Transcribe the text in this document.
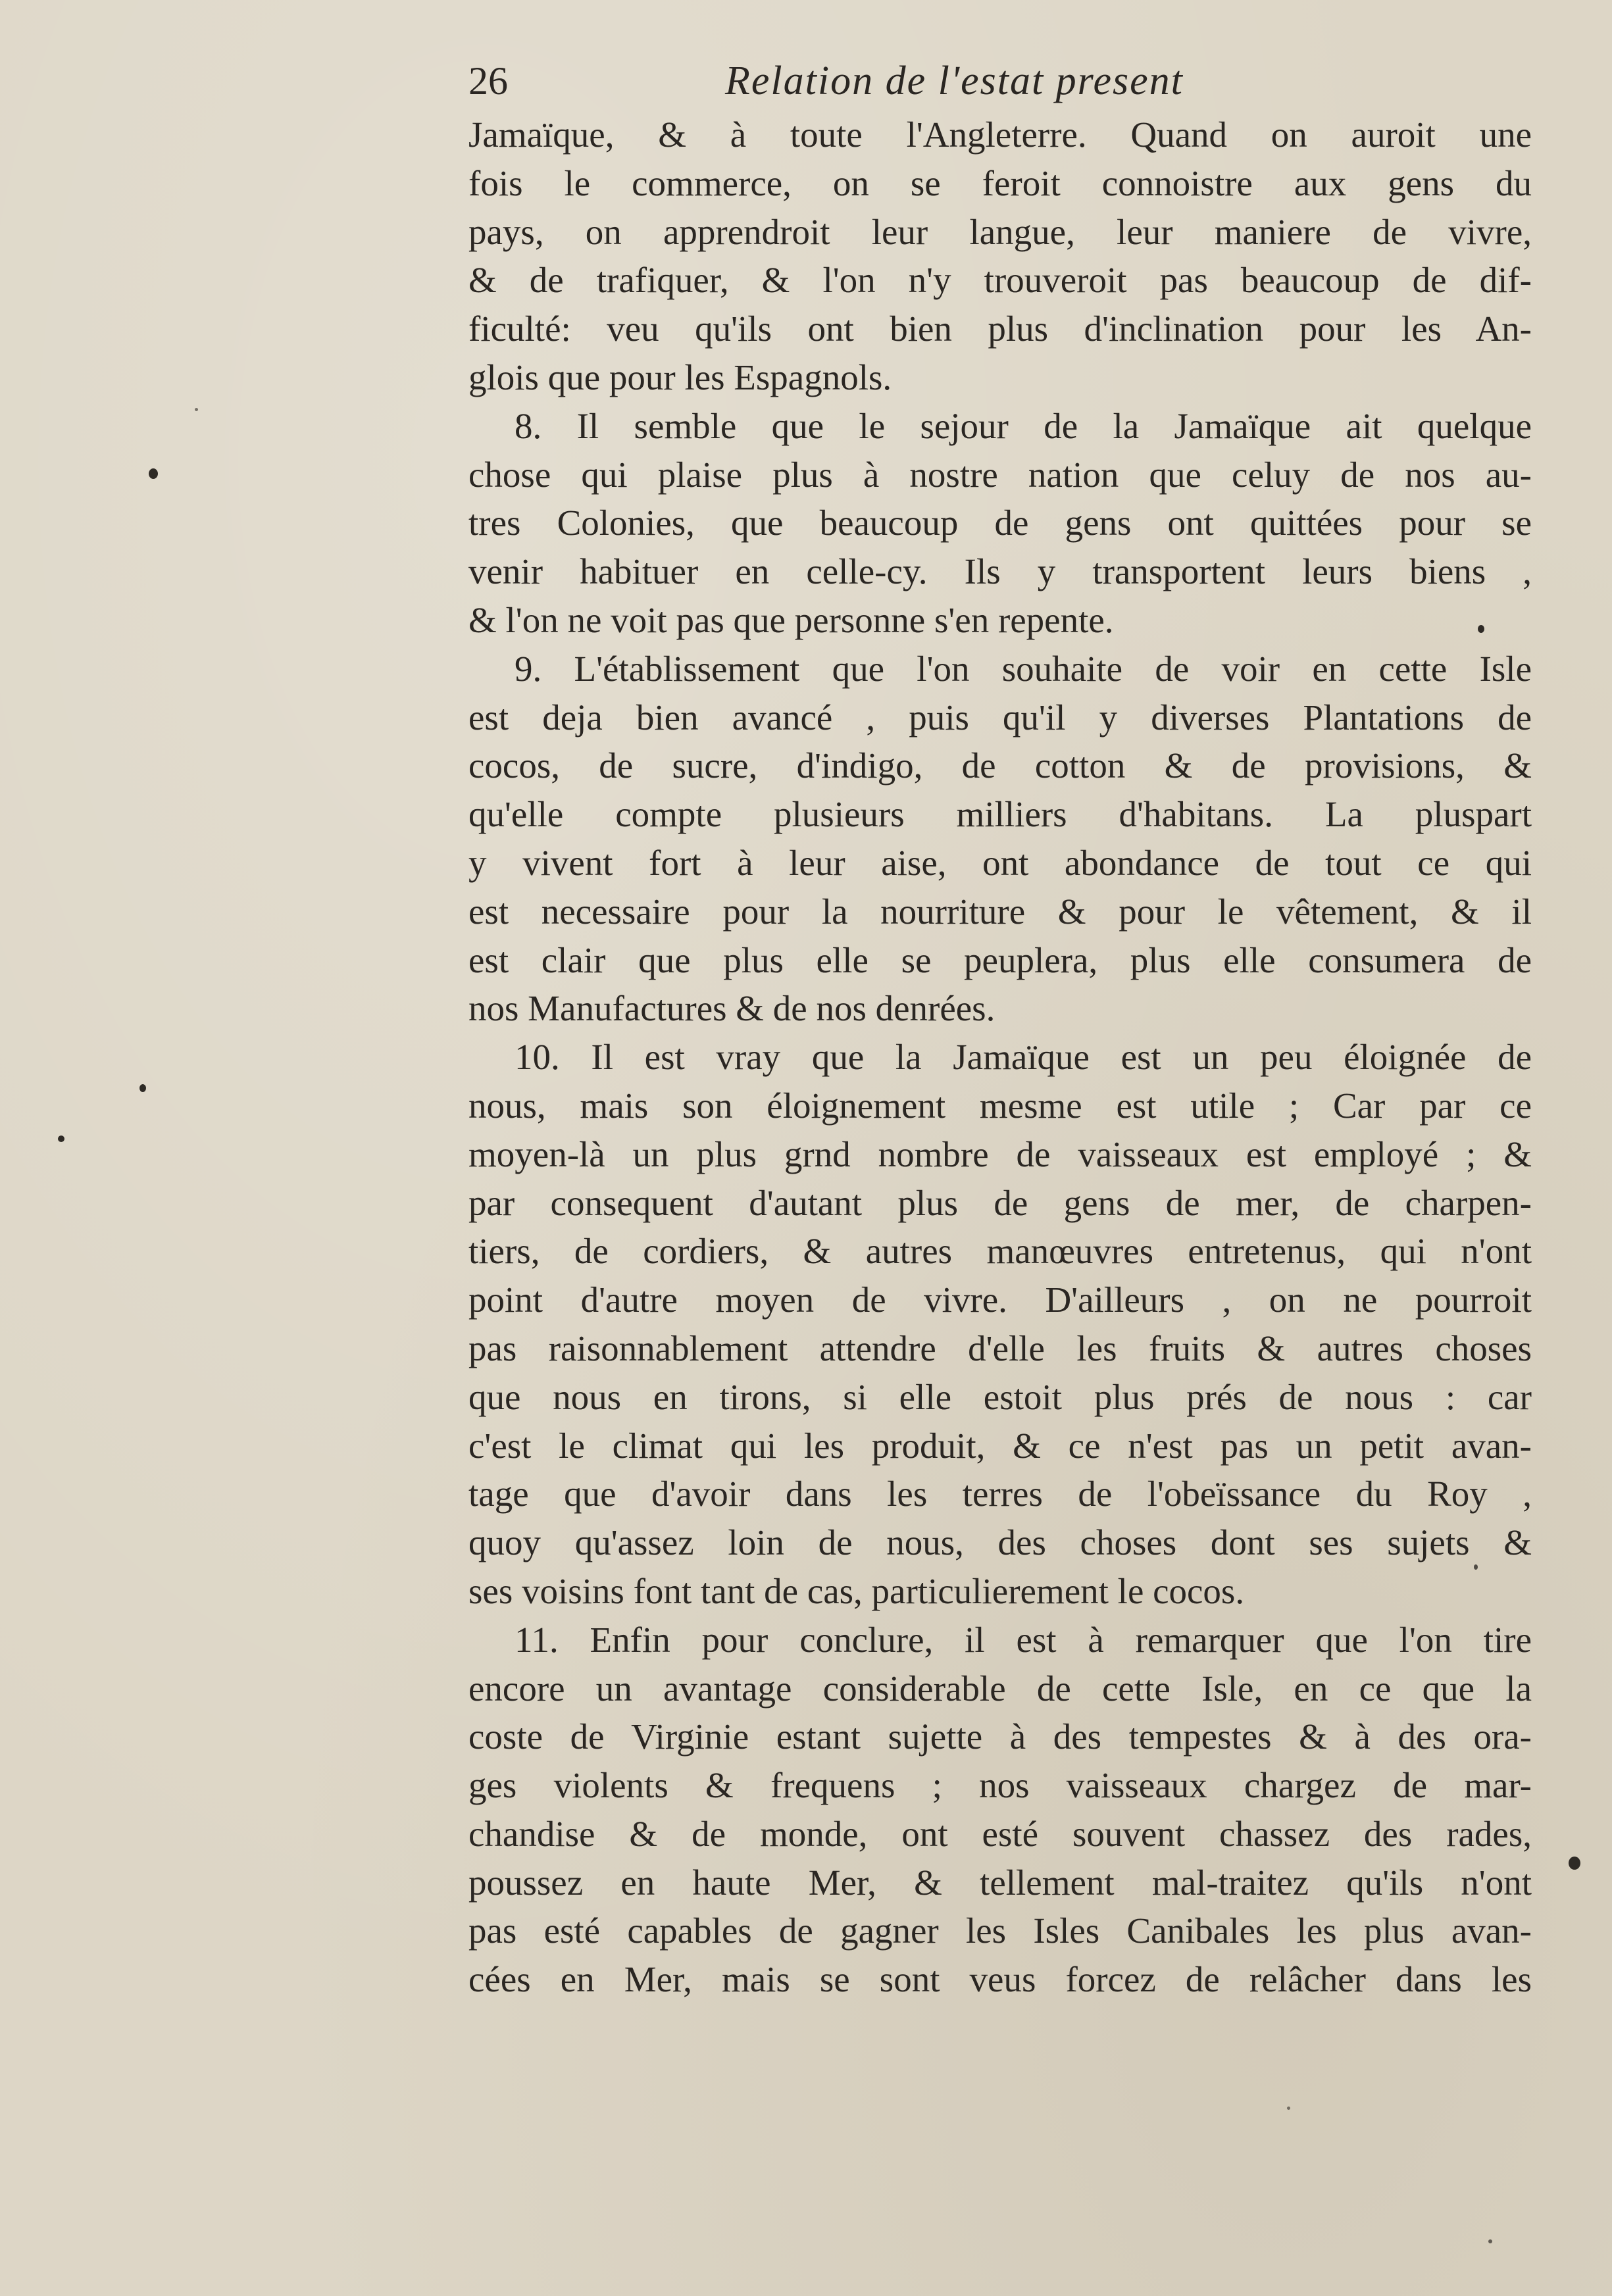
26	Relation de l'estat present
Jamaïque, & à toute l'Angleterre. Quand on auroit une
fois le commerce, on se feroit connoistre aux gens du
pays, on apprendroit leur langue, leur maniere de vivre,
& de trafiquer, & l'on n'y trouveroit pas beaucoup de dif-
ficulté: veu qu'ils ont bien plus d'inclination pour les An-
glois que pour les Espagnols.
8. Il semble que le sejour de la Jamaïque ait quelque
chose qui plaise plus à nostre nation que celuy de nos au-
tres Colonies, que beaucoup de gens ont quittées pour se
venir habituer en celle-cy. Ils y transportent leurs biens ,
& l'on ne voit pas que personne s'en repente.
9. L'établissement que l'on souhaite de voir en cette Isle
est deja bien avancé , puis qu'il y diverses Plantations de
cocos, de sucre, d'indigo, de cotton & de provisions, &
qu'elle compte plusieurs milliers d'habitans. La pluspart
y vivent fort à leur aise, ont abondance de tout ce qui
est necessaire pour la nourriture & pour le vêtement, & il
est clair que plus elle se peuplera, plus elle consumera de
nos Manufactures & de nos denrées.
10. Il est vray que la Jamaïque est un peu éloignée de
nous, mais son éloignement mesme est utile ; Car par ce
moyen-là un plus grnd nombre de vaisseaux est employé ; &
par consequent d'autant plus de gens de mer, de charpen-
tiers, de cordiers, & autres manœuvres entretenus, qui n'ont
point d'autre moyen de vivre. D'ailleurs , on ne pourroit
pas raisonnablement attendre d'elle les fruits & autres choses
que nous en tirons, si elle estoit plus prés de nous : car
c'est le climat qui les produit, & ce n'est pas un petit avan-
tage que d'avoir dans les terres de l'obeïssance du Roy ,
quoy qu'assez loin de nous, des choses dont ses sujets &
ses voisins font tant de cas, particulierement le cocos.
11. Enfin pour conclure, il est à remarquer que l'on tire
encore un avantage considerable de cette Isle, en ce que la
coste de Virginie estant sujette à des tempestes & à des ora-
ges violents & frequens ; nos vaisseaux chargez de mar-
chandise & de monde, ont esté souvent chassez des rades,
poussez en haute Mer, & tellement mal-traitez qu'ils n'ont
pas esté capables de gagner les Isles Canibales les plus avan-
cées en Mer, mais se sont veus forcez de relâcher dans les
